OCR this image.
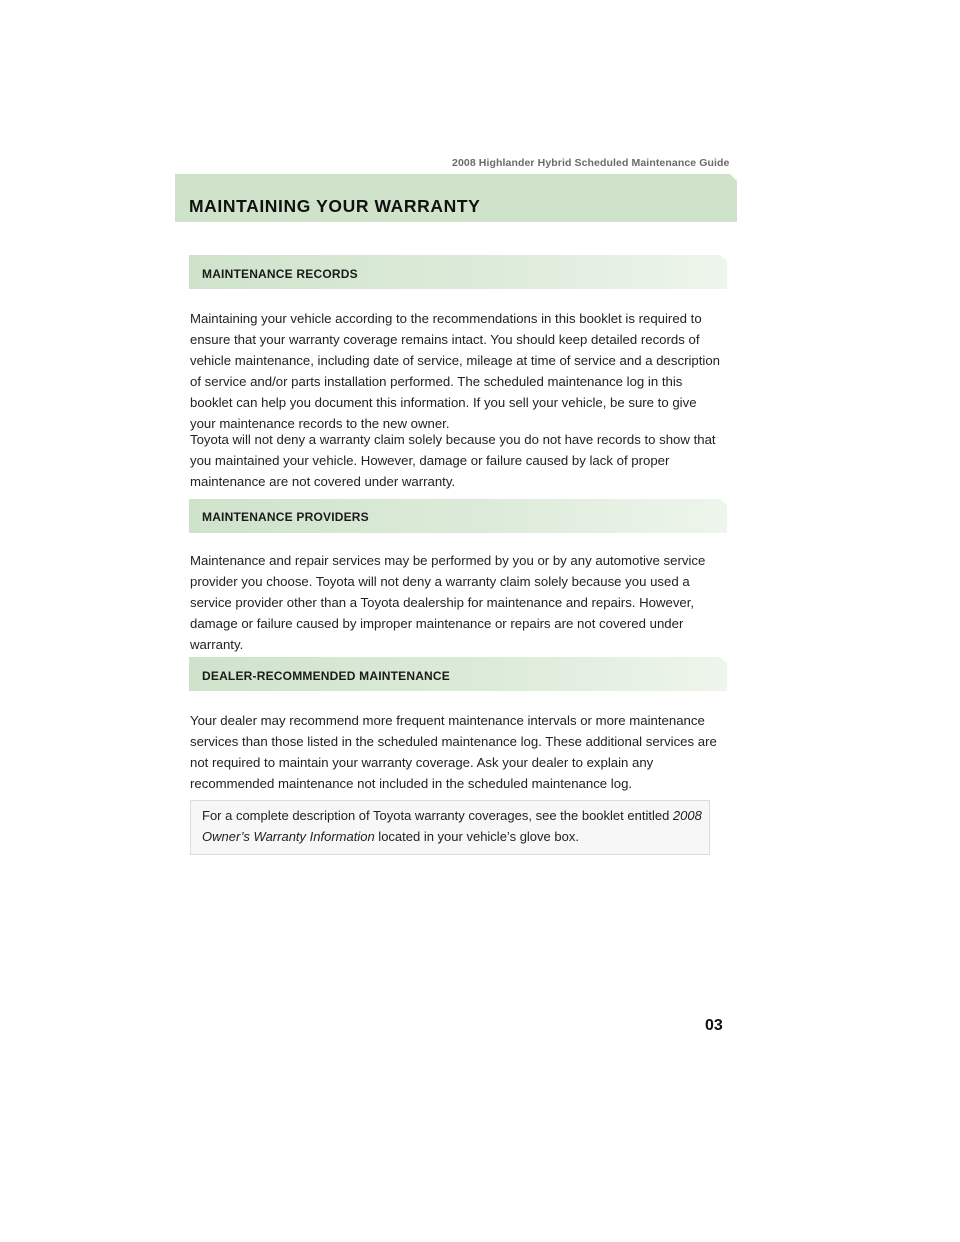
2008 Highlander Hybrid Scheduled Maintenance Guide
MAINTAINING YOUR WARRANTY
MAINTENANCE RECORDS

Maintaining your vehicle according to the recommendations in this booklet is required to ensure that your warranty coverage remains intact. You should keep detailed records of vehicle maintenance, including date of service, mileage at time of service and a description of service and/or parts installation performed. The scheduled maintenance log in this booklet can help you document this information. If you sell your vehicle, be sure to give your maintenance records to the new owner.

Toyota will not deny a warranty claim solely because you do not have records to show that you maintained your vehicle. However, damage or failure caused by lack of proper maintenance are not covered under warranty.

MAINTENANCE PROVIDERS

Maintenance and repair services may be performed by you or by any automotive service provider you choose. Toyota will not deny a warranty claim solely because you used a service provider other than a Toyota dealership for maintenance and repairs. However, damage or failure caused by improper maintenance or repairs are not covered under warranty.

DEALER-RECOMMENDED MAINTENANCE

Your dealer may recommend more frequent maintenance intervals or more maintenance services than those listed in the scheduled maintenance log. These additional services are not required to maintain your warranty coverage. Ask your dealer to explain any recommended maintenance not included in the scheduled maintenance log.

For a complete description of Toyota warranty coverages, see the booklet entitled 2008 Owner’s Warranty Information located in your vehicle’s glove box.

03
